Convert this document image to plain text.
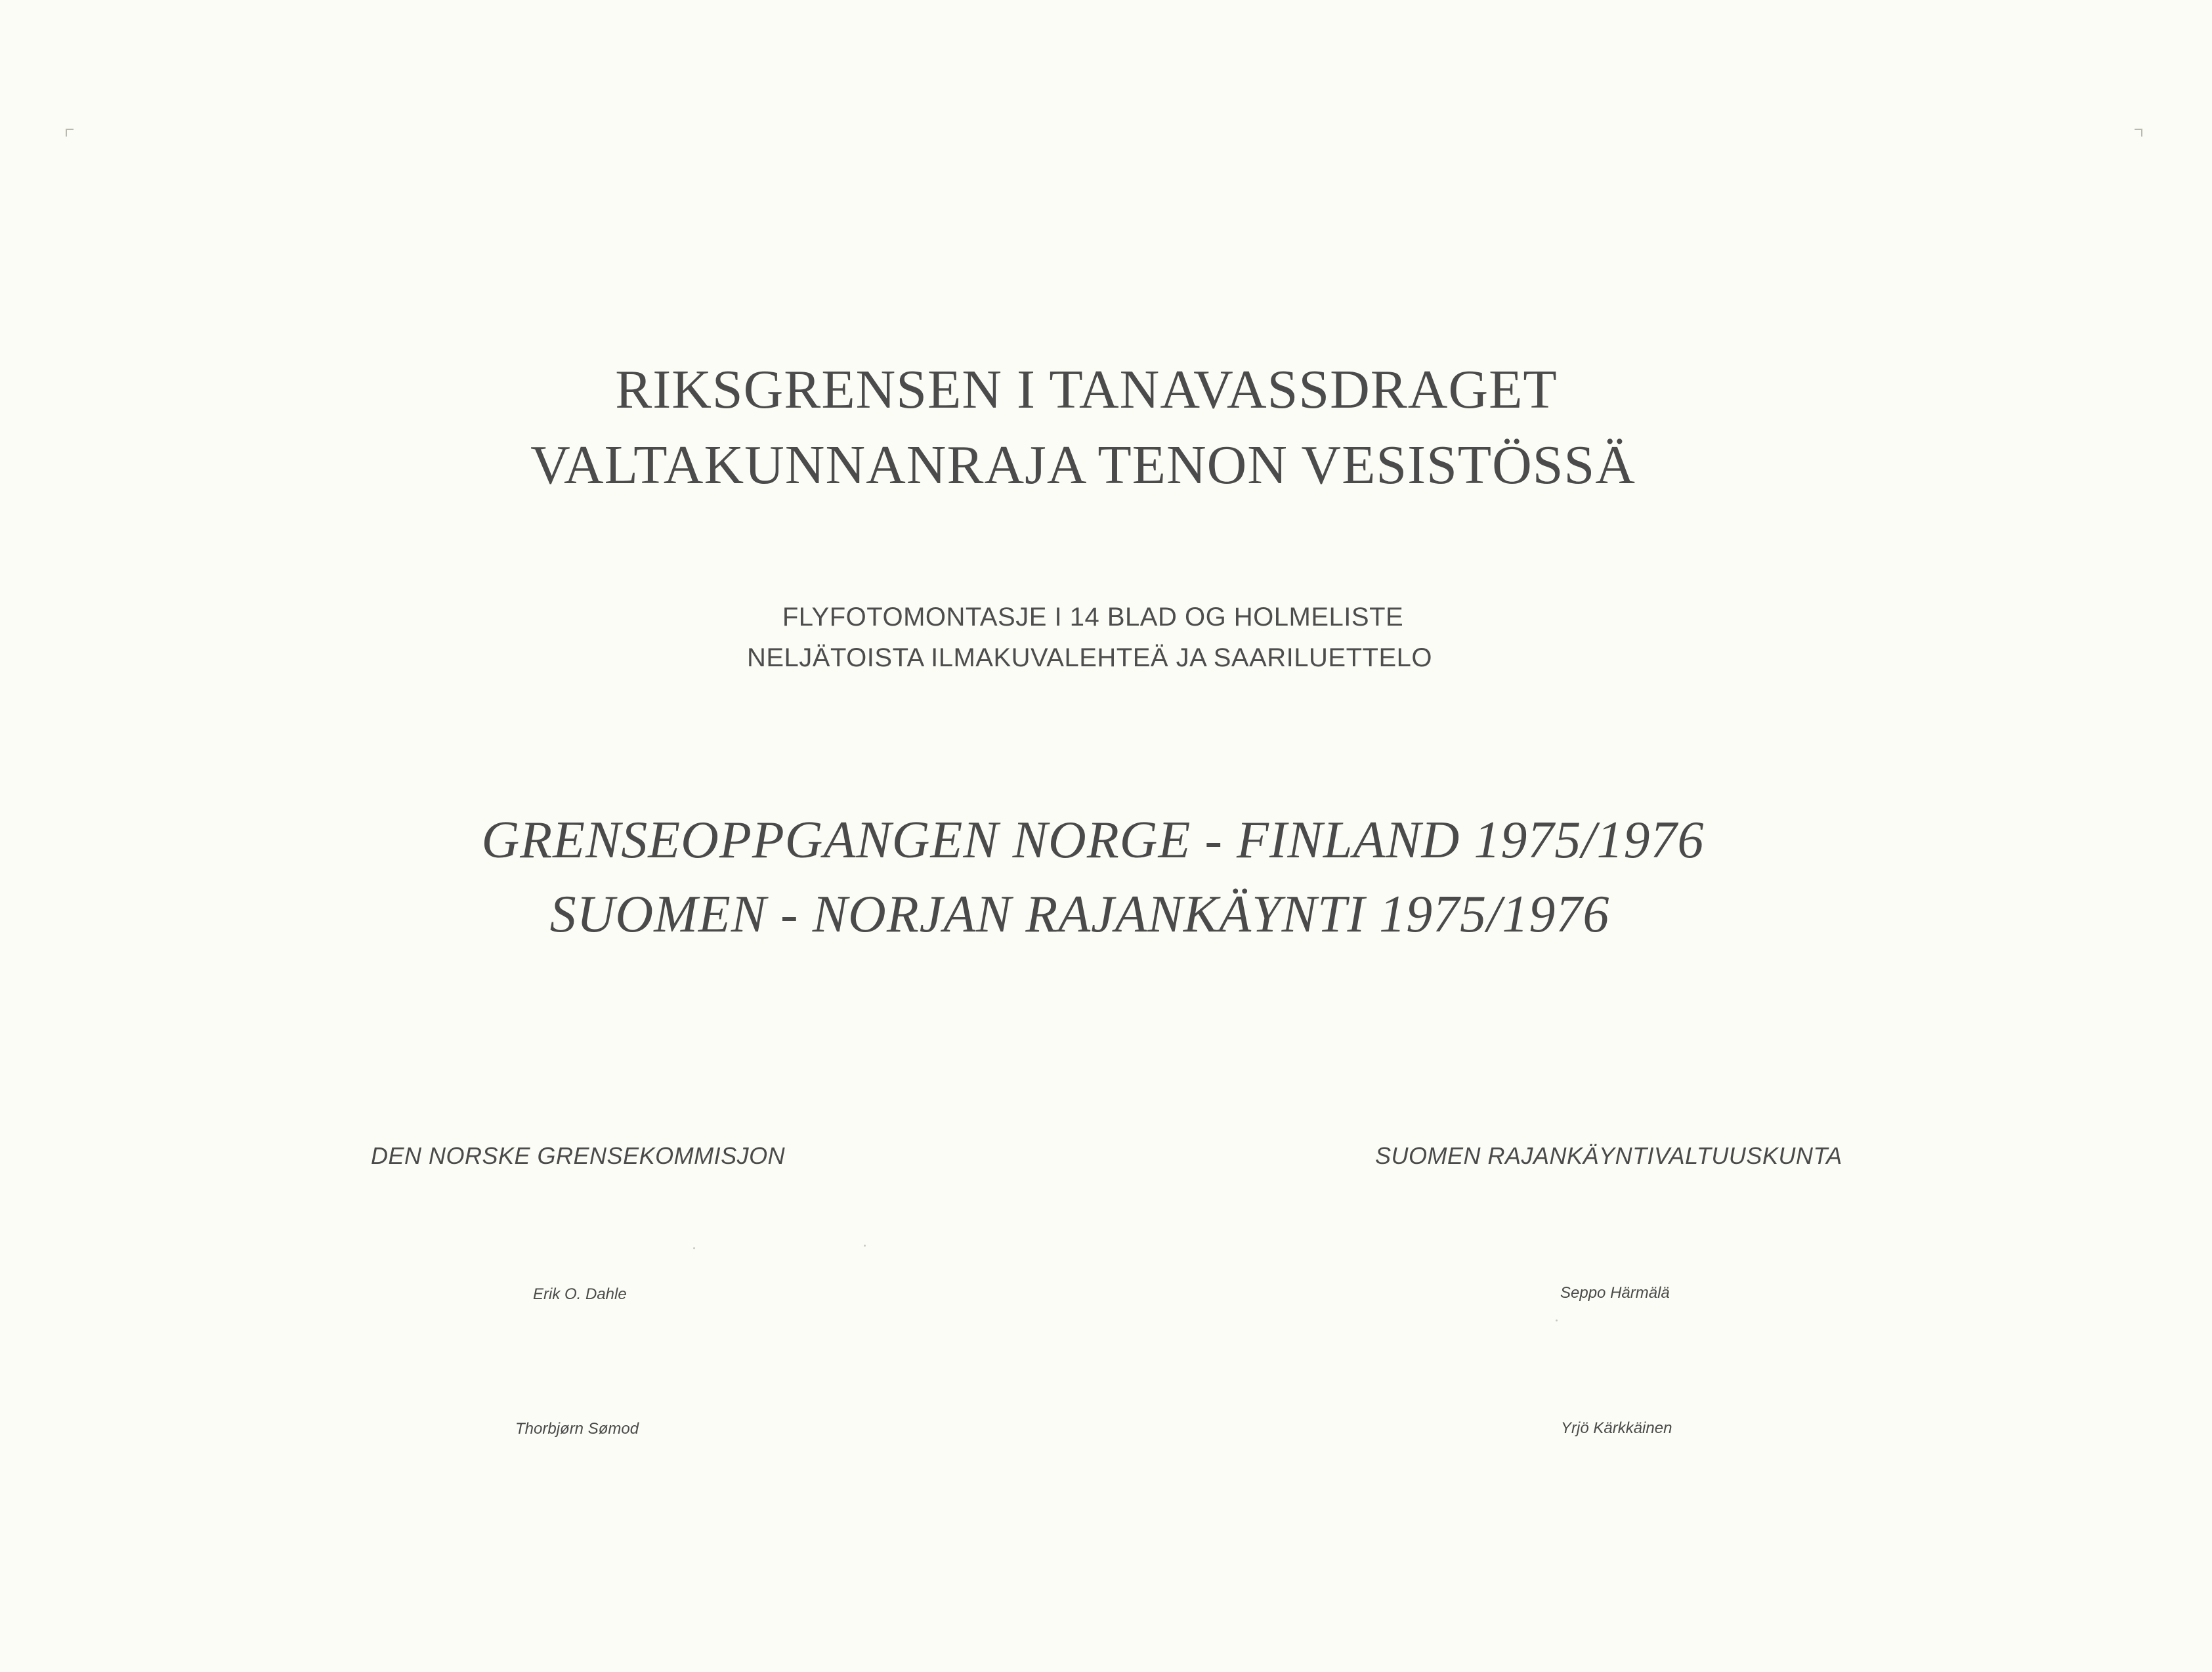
RIKSGRENSEN I TANAVASSDRAGET
VALTAKUNNANRAJA TENON VESISTÖSSÄ
FLYFOTOMONTASJE I 14 BLAD OG HOLMELISTE
NELJÄTOISTA ILMAKUVALEHTEÄ JA SAARILUETTELO
GRENSEOPPGANGEN NORGE - FINLAND 1975/1976
SUOMEN - NORJAN RAJANKÄYNTI 1975/1976
DEN NORSKE GRENSEKOMMISJON	SUOMEN RAJANKÄYNTIVALTUUSKUNTA
Erik O. Dahle
Thorbjørn Sømod
Seppo Härmälä
Yrjö Kärkkäinen
